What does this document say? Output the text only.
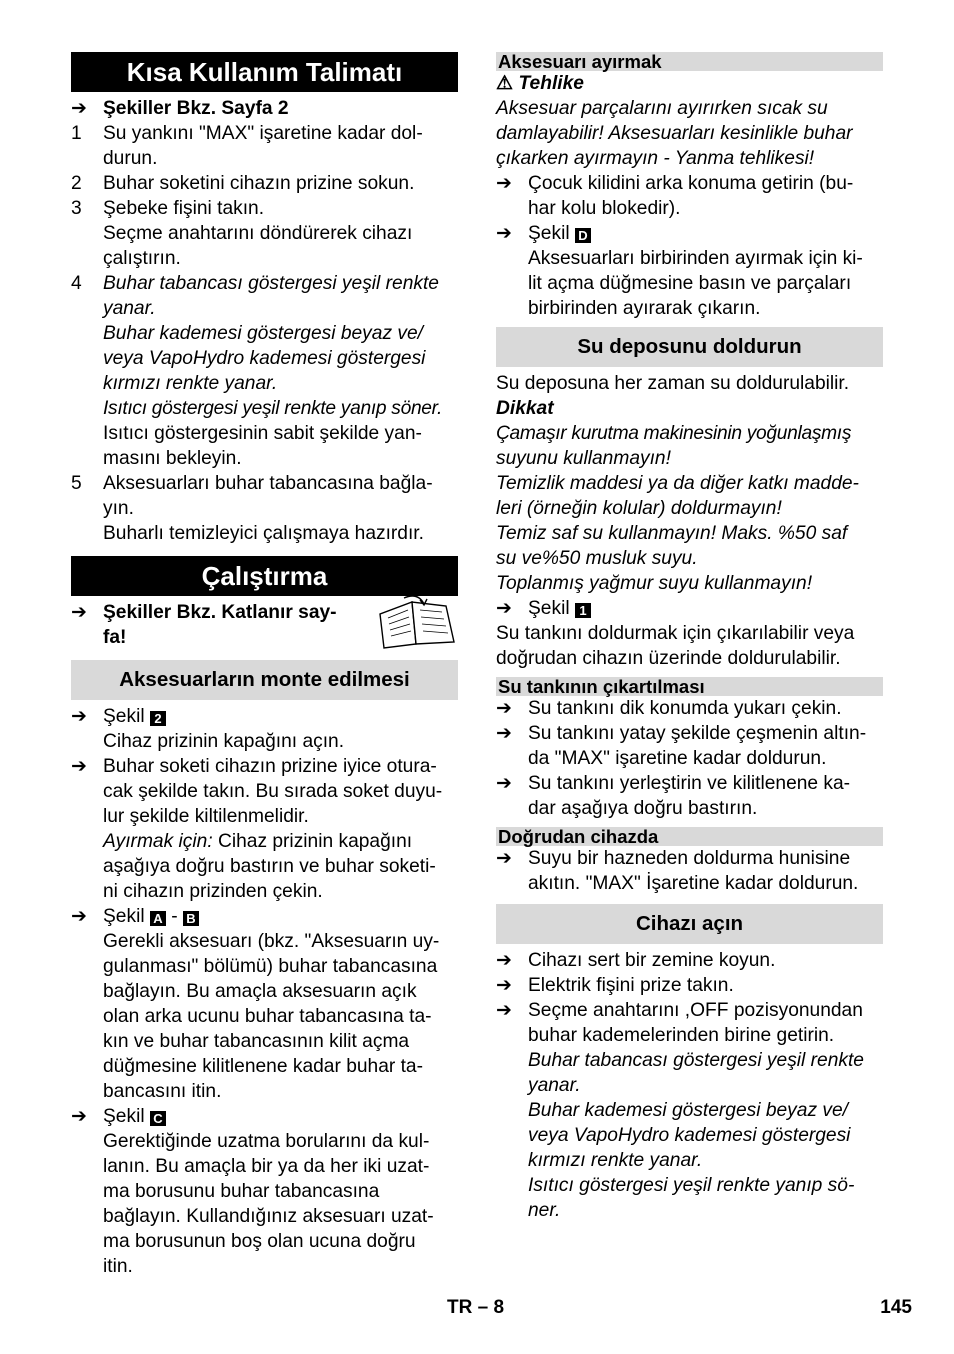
Kısa Kullanım Talimatı
➔ Şekiller Bkz. Sayfa 2
1	Su yankını "MAX" işaretine kadar dol-
durun.
2	Buhar soketini cihazın prizine sokun.
3	Şebeke fişini takın.
Seçme anahtarını döndürerek cihazı
çalıştırın.
4	Buhar tabancası göstergesi yeşil renkte
yanar.
Buhar kademesi göstergesi beyaz ve/
veya VapoHydro kademesi göstergesi
kırmızı renkte yanar.
Isıtıcı göstergesi yeşil renkte yanıp söner.
Isıtıcı göstergesinin sabit şekilde yan-
masını bekleyin.
5	Aksesuarları buhar tabancasına bağla-
yın.
Buharlı temizleyici çalışmaya hazırdır.
Çalıştırma
➔ Şekiller Bkz. Katlanır say-
fa!
Aksesuarların monte edilmesi
➔ Şekil 2
Cihaz prizinin kapağını açın.
➔ Buhar soketi cihazın prizine iyice otura-
cak şekilde takın. Bu sırada soket duyu-
lur şekilde kiltilenmelidir.
Ayırmak için: Cihaz prizinin kapağını
aşağıya doğru bastırın ve buhar soketi-
ni cihazın prizinden çekin.
➔ Şekil A - B
Gerekli aksesuarı (bkz. "Aksesuarın uy-
gulanması" bölümü) buhar tabancasına
bağlayın. Bu amaçla aksesuarın açık
olan arka ucunu buhar tabancasına ta-
kın ve buhar tabancasının kilit açma
düğmesine kilitlenene kadar buhar ta-
bancasını itin.
➔ Şekil C
Gerektiğinde uzatma borularını da kul-
lanın. Bu amaçla bir ya da her iki uzat-
ma borusunu buhar tabancasına
bağlayın. Kullandığınız aksesuarı uzat-
ma borusunun boş olan ucuna doğru
itin.
Aksesuarı ayırmak
⚠ Tehlike
Aksesuar parçalarını ayırırken sıcak su
damlayabilir! Aksesuarları kesinlikle buhar
çıkarken ayırmayın - Yanma tehlikesi!
➔ Çocuk kilidini arka konuma getirin (bu-
har kolu blokedir).
➔ Şekil D
Aksesuarları birbirinden ayırmak için ki-
lit açma düğmesine basın ve parçaları
birbirinden ayırarak çıkarın.
Su deposunu doldurun
Su deposuna her zaman su doldurulabilir.
Dikkat
Çamaşır kurutma makinesinin yoğunlaşmış
suyunu kullanmayın!
Temizlik maddesi ya da diğer katkı madde-
leri (örneğin kolular) doldurmayın!
Temiz saf su kullanmayın! Maks. %50 saf
su ve%50 musluk suyu.
Toplanmış yağmur suyu kullanmayın!
➔ Şekil 1
Su tankını doldurmak için çıkarılabilir veya
doğrudan cihazın üzerinde doldurulabilir.
Su tankının çıkartılması
➔ Su tankını dik konumda yukarı çekin.
➔ Su tankını yatay şekilde çeşmenin altın-
da "MAX" işaretine kadar doldurun.
➔ Su tankını yerleştirin ve kilitlenene ka-
dar aşağıya doğru bastırın.
Doğrudan cihazda
➔ Suyu bir hazneden doldurma hunisine
akıtın. "MAX" İşaretine kadar doldurun.
Cihazı açın
➔ Cihazı sert bir zemine koyun.
➔ Elektrik fişini prize takın.
➔ Seçme anahtarını ,OFF pozisyonundan
buhar kademelerinden birine getirin.
Buhar tabancası göstergesi yeşil renkte
yanar.
Buhar kademesi göstergesi beyaz ve/
veya VapoHydro kademesi göstergesi
kırmızı renkte yanar.
Isıtıcı göstergesi yeşil renkte yanıp sö-
ner.
TR – 8	145
